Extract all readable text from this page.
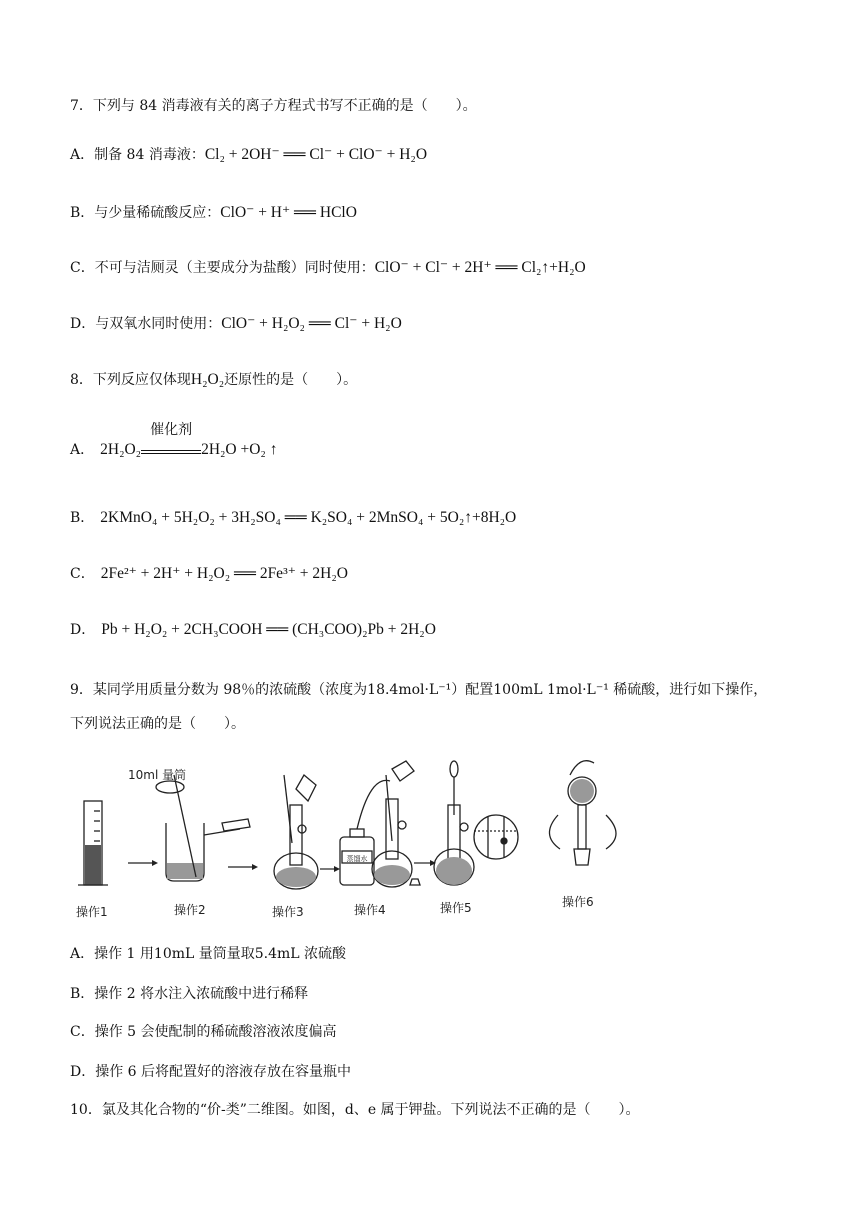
7．下列与 84 消毒液有关的离子方程式书写不正确的是（　　）。
A．制备 84 消毒液：Cl₂ + 2OH⁻ ══ Cl⁻ + ClO⁻ + H₂O
B．与少量稀硫酸反应：ClO⁻ + H⁺ ══ HClO
C．不可与洁厕灵（主要成分为盐酸）同时使用：ClO⁻ + Cl⁻ + 2H⁺ ══ Cl₂↑+H₂O
D．与双氧水同时使用：ClO⁻ + H₂O₂ ══ Cl⁻ + H₂O
8．下列反应仅体现H₂O₂还原性的是（　　）。
A． 2H₂O₂
催化剂
2H₂O +O₂ ↑
B． 2KMnO₄ + 5H₂O₂ + 3H₂SO₄ ══ K₂SO₄ + 2MnSO₄ + 5O₂↑+8H₂O
C． 2Fe²⁺ + 2H⁺ + H₂O₂ ══ 2Fe³⁺ + 2H₂O
D． Pb + H₂O₂ + 2CH₃COOH ══ (CH₃COO)₂Pb + 2H₂O
9．某同学用质量分数为 98％的浓硫酸（浓度为18.4mol·L⁻¹）配置100mL 1mol·L⁻¹ 稀硫酸，进行如下操作，
下列说法正确的是（　　）。
蒸馏水
10ml 量筒
操作1	操作2	操作3	操作4	操作5	操作6
A．操作 1 用10mL 量筒量取5.4mL 浓硫酸
B．操作 2 将水注入浓硫酸中进行稀释
C．操作 5 会使配制的稀硫酸溶液浓度偏高
D．操作 6 后将配置好的溶液存放在容量瓶中
10．氯及其化合物的“价-类”二维图。如图，d、e 属于钾盐。下列说法不正确的是（　　）。
